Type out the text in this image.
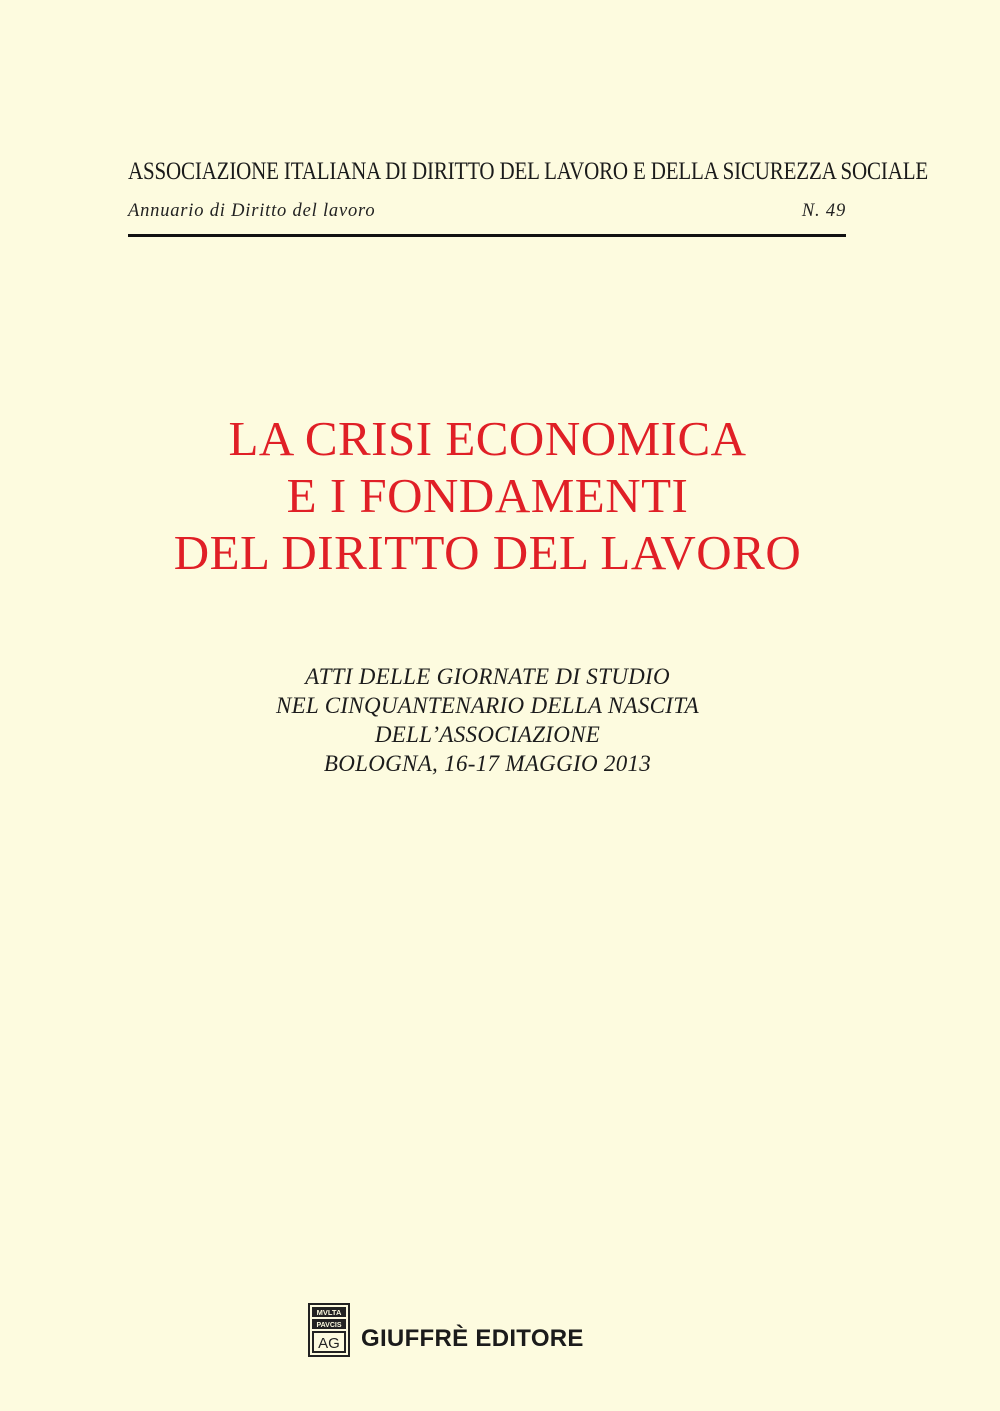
ASSOCIAZIONE ITALIANA DI DIRITTO DEL LAVORO E DELLA SICUREZZA SOCIALE
Annuario di Diritto del lavoro	N. 49
LA CRISI ECONOMICA
E I FONDAMENTI
DEL DIRITTO DEL LAVORO
ATTI DELLE GIORNATE DI STUDIO
NEL CINQUANTENARIO DELLA NASCITA
DELL’ASSOCIAZIONE
BOLOGNA, 16-17 MAGGIO 2013
MVLTA
PAVCIS
AG GIUFFRÈ EDITORE
